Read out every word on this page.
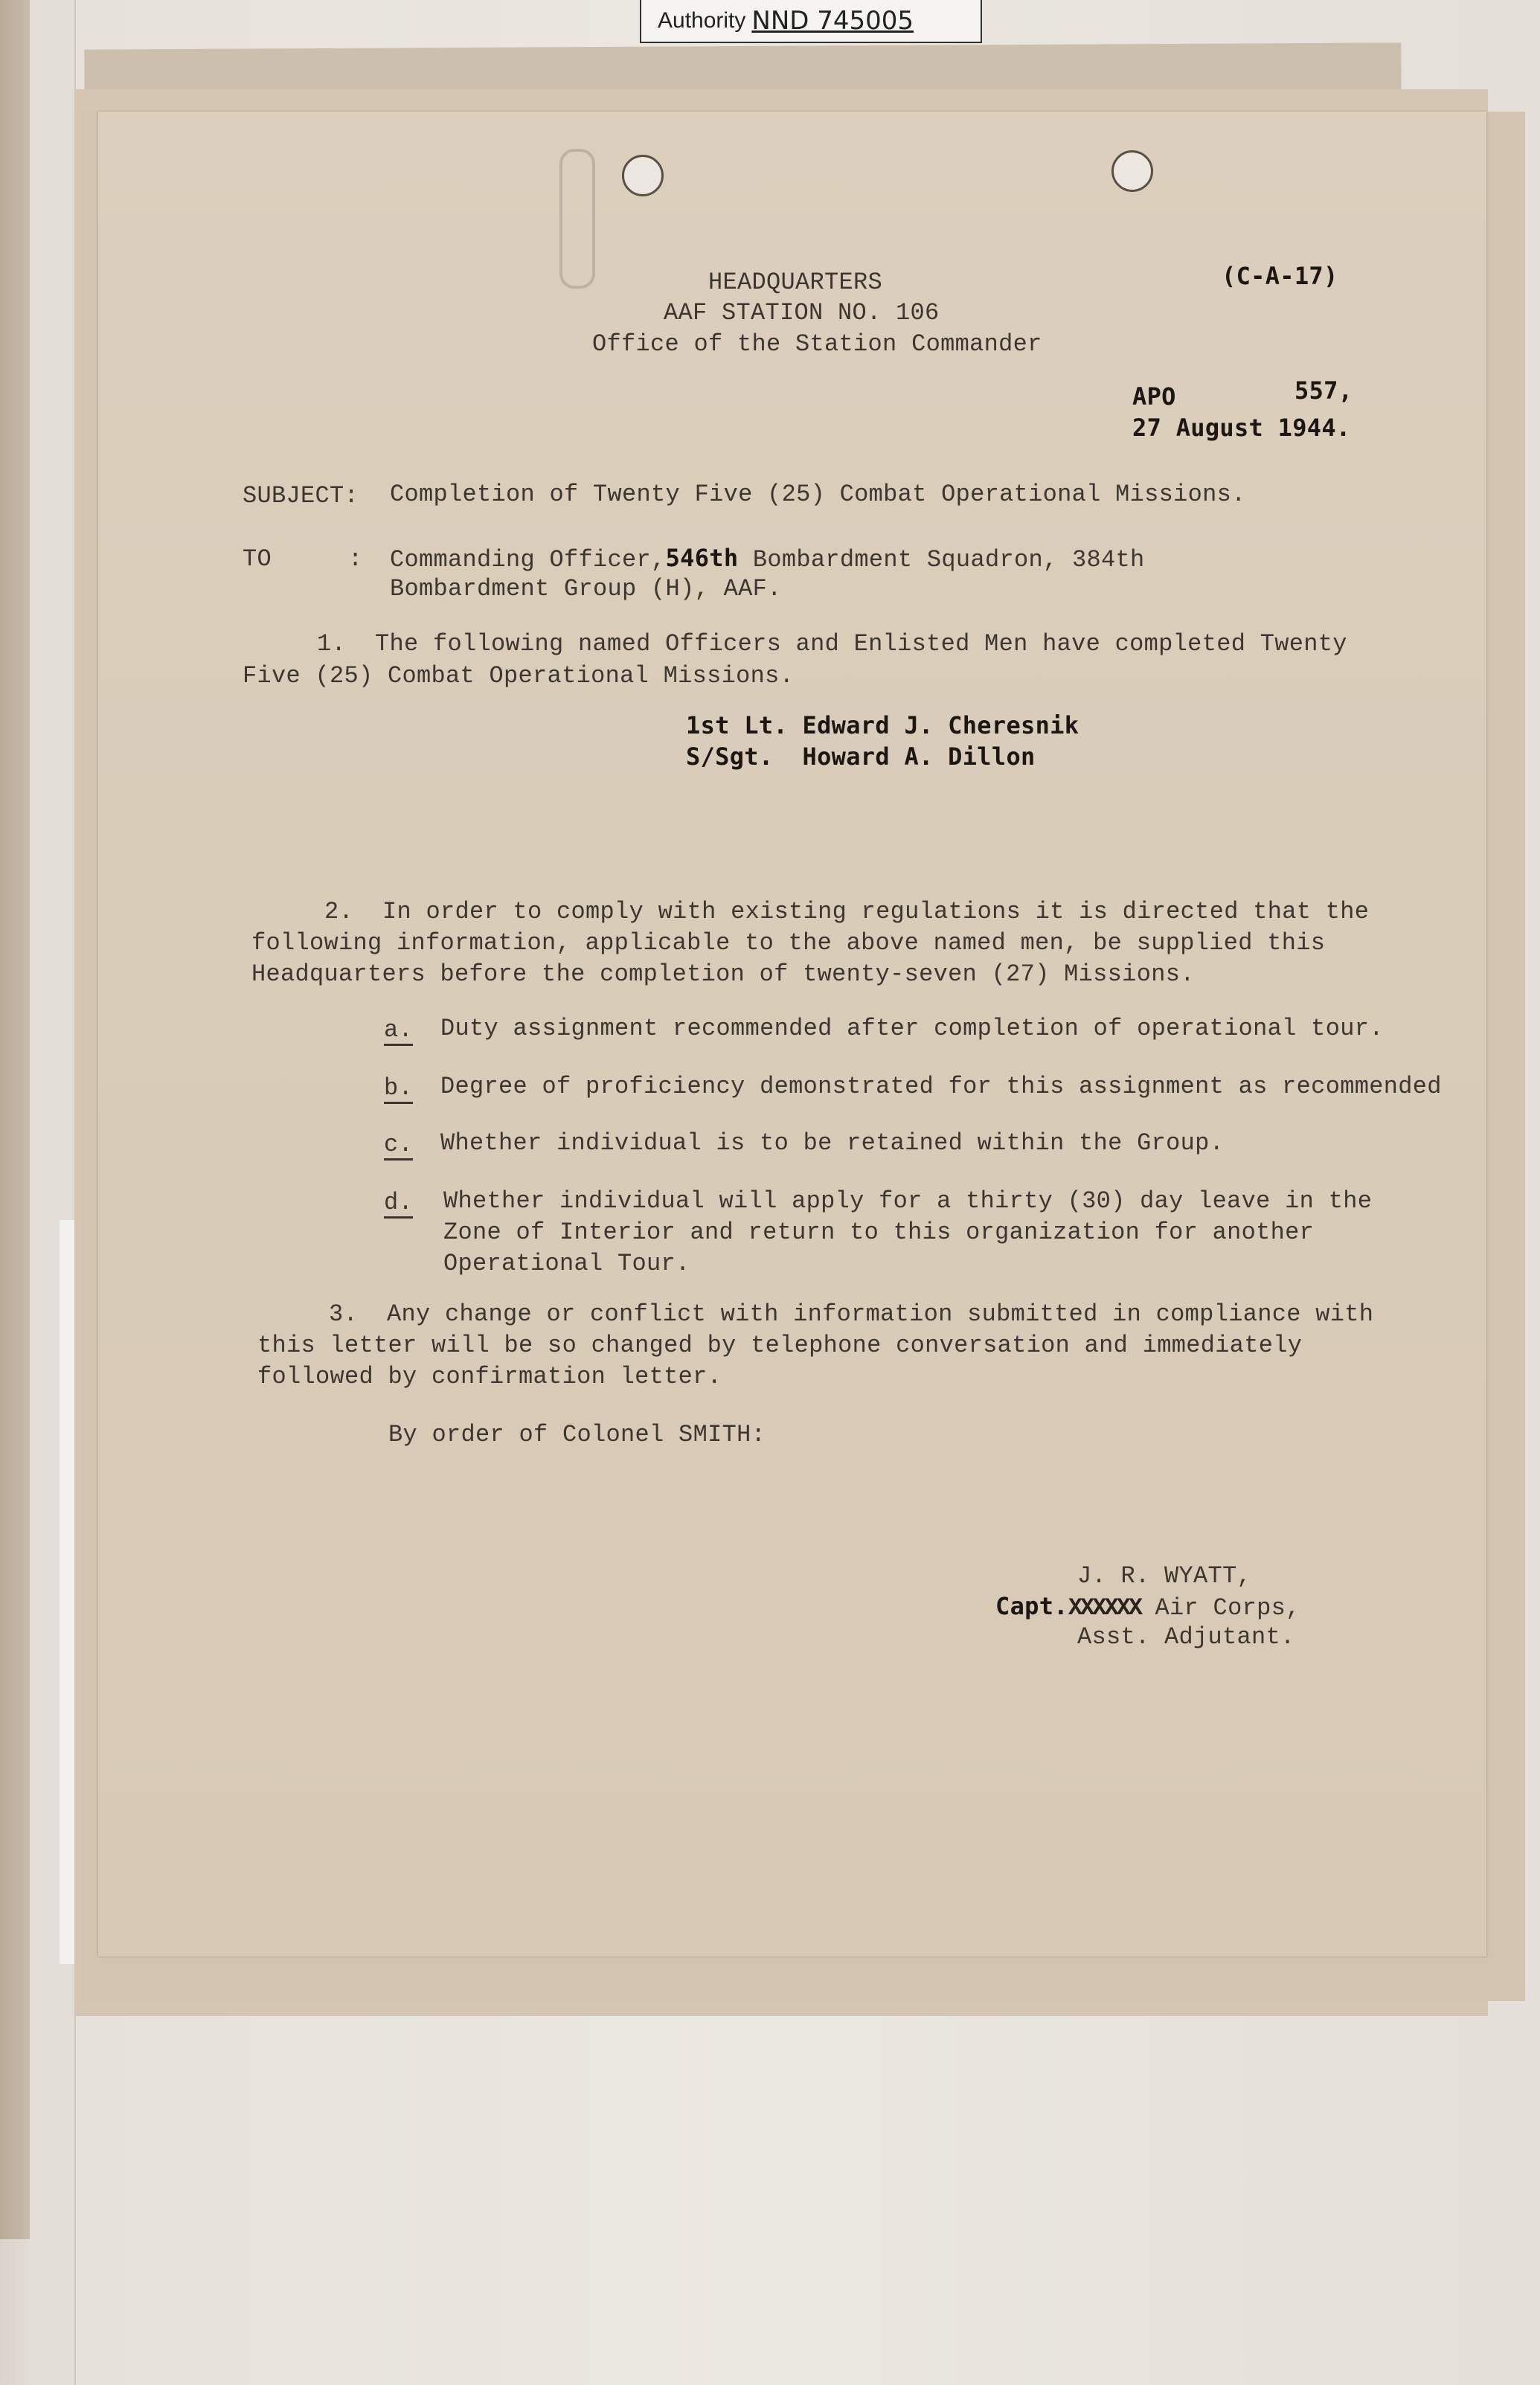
Authority NND 745005
HEADQUARTERS
AAF STATION NO. 106
Office of the Station Commander
(C-A-17)
APO	557,
27 August 1944.
SUBJECT: Completion of Twenty Five (25) Combat Operational Missions.
TO	: Commanding Officer,546th Bombardment Squadron, 384th
Bombardment Group (H), AAF.
1.  The following named Officers and Enlisted Men have completed Twenty
Five (25) Combat Operational Missions.
1st Lt. Edward J. Cheresnik
S/Sgt.  Howard A. Dillon
2.  In order to comply with existing regulations it is directed that the
following information, applicable to the above named men, be supplied this
Headquarters before the completion of twenty-seven (27) Missions.
a. Duty assignment recommended after completion of operational tour.
b. Degree of proficiency demonstrated for this assignment as recommended
c. Whether individual is to be retained within the Group.
d. Whether individual will apply for a thirty (30) day leave in the
Zone of Interior and return to this organization for another
Operational Tour.
3.  Any change or conflict with information submitted in compliance with
this letter will be so changed by telephone conversation and immediately
followed by confirmation letter.
By order of Colonel SMITH:
J. R. WYATT,
Capt.XXXXXX Air Corps,
Asst. Adjutant.
